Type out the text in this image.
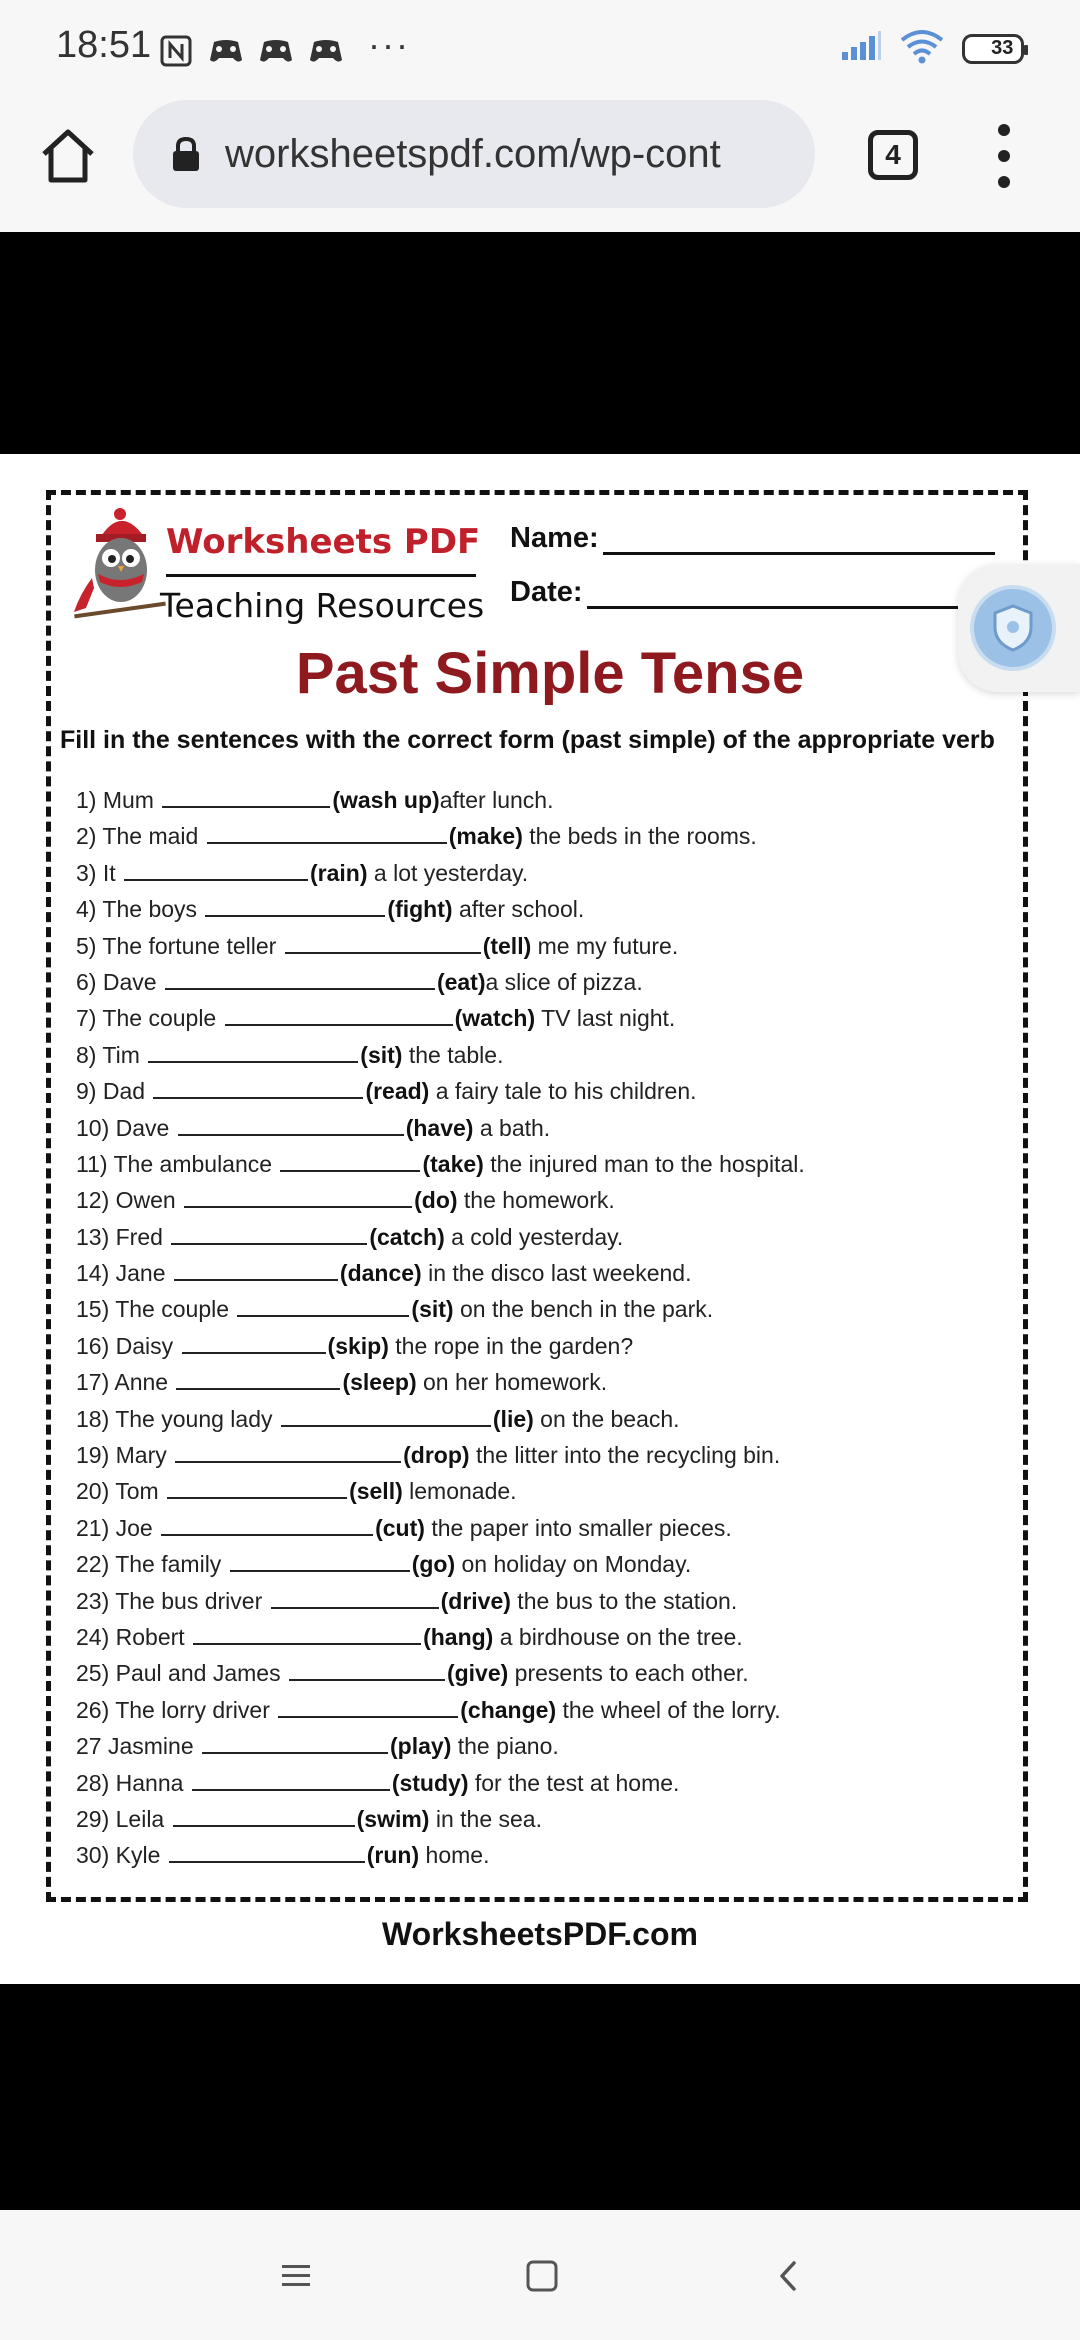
18:51	···	33
worksheetspdf.com/wp-cont	4
Worksheets PDF
Teaching Resources
Name:
Date:
Past Simple Tense
Fill in the sentences with the correct form (past simple) of the appropriate verb
1) Mum	(wash up)after lunch.
2) The maid	(make) the beds in the rooms.
3) It	(rain) a lot yesterday.
4) The boys	(fight) after school.
5) The fortune teller	(tell) me my future.
6) Dave	(eat)a slice of pizza.
7) The couple	(watch) TV last night.
8) Tim	(sit) the table.
9) Dad	(read) a fairy tale to his children.
10) Dave	(have) a bath.
11) The ambulance	(take) the injured man to the hospital.
12) Owen	(do) the homework.
13) Fred	(catch) a cold yesterday.
14) Jane	(dance) in the disco last weekend.
15) The couple	(sit) on the bench in the park.
16) Daisy	(skip) the rope in the garden?
17) Anne	(sleep) on her homework.
18) The young lady	(lie) on the beach.
19) Mary	(drop) the litter into the recycling bin.
20) Tom	(sell) lemonade.
21) Joe	(cut) the paper into smaller pieces.
22) The family	(go) on holiday on Monday.
23) The bus driver	(drive) the bus to the station.
24) Robert	(hang) a birdhouse on the tree.
25) Paul and James	(give) presents to each other.
26) The lorry driver	(change) the wheel of the lorry.
27 Jasmine	(play) the piano.
28) Hanna	(study) for the test at home.
29) Leila	(swim) in the sea.
30) Kyle	(run) home.
WorksheetsPDF.com
